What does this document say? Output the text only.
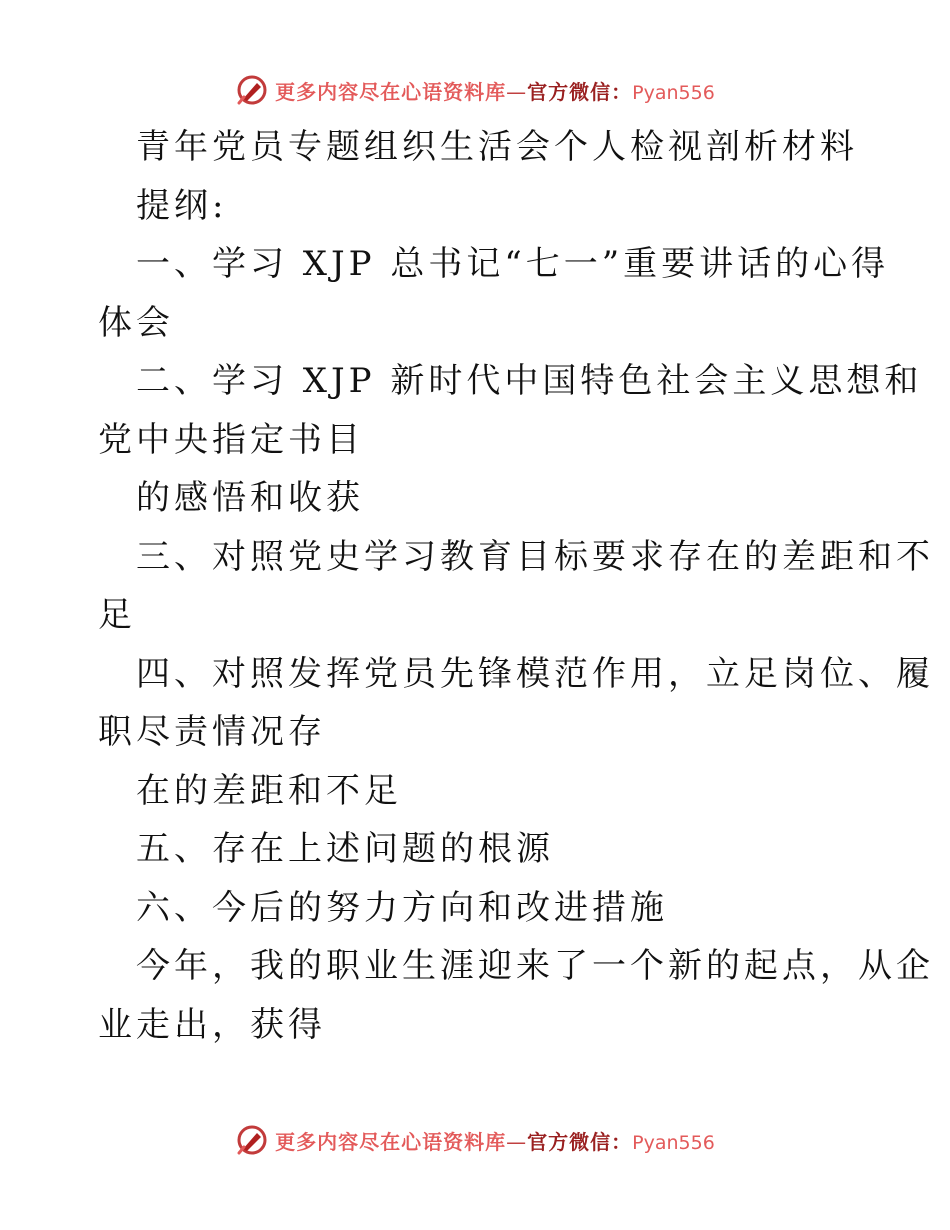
更多内容尽在心语资料库—官方微信：Pyan556

青年党员专题组织生活会个人检视剖析材料

提纲:

一、学习 XJP 总书记“七一”重要讲话的心得

体会

二、学习 XJP 新时代中国特色社会主义思想和

党中央指定书目

的感悟和收获

三、对照党史学习教育目标要求存在的差距和不

足

四、对照发挥党员先锋模范作用，立足岗位、履

职尽责情况存

在的差距和不足

五、存在上述问题的根源

六、今后的努力方向和改进措施

今年，我的职业生涯迎来了一个新的起点，从企

业走出，获得

更多内容尽在心语资料库—官方微信：Pyan556
